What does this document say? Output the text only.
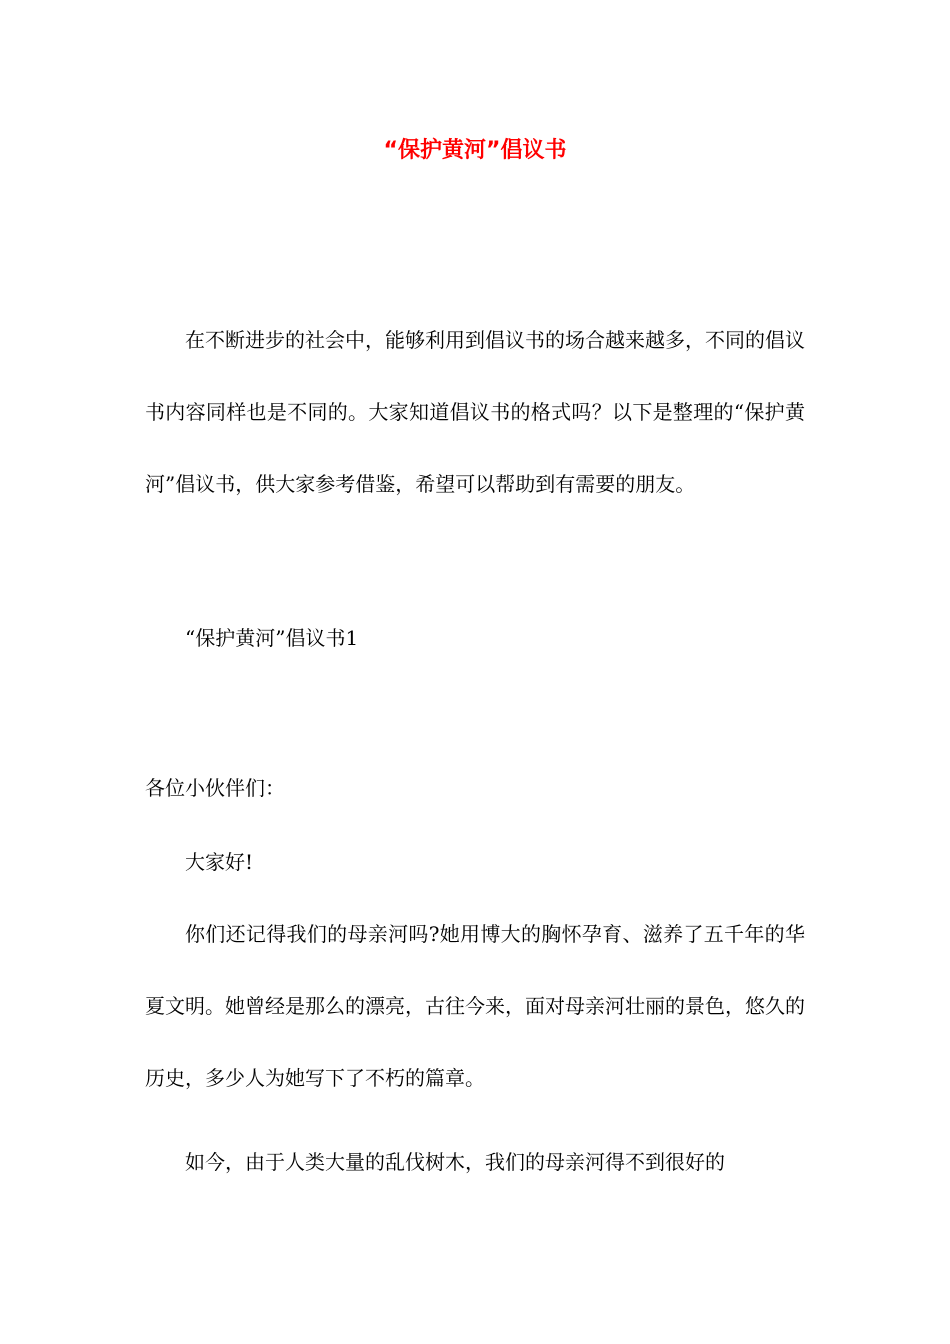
“保护黄河”倡议书

在不断进步的社会中，能够利用到倡议书的场合越来越多，不同的倡议书内容同样也是不同的。大家知道倡议书的格式吗？以下是整理的“保护黄河”倡议书，供大家参考借鉴，希望可以帮助到有需要的朋友。

“保护黄河”倡议书1

各位小伙伴们：

大家好!

你们还记得我们的母亲河吗?她用博大的胸怀孕育、滋养了五千年的华夏文明。她曾经是那么的漂亮，古往今来，面对母亲河壮丽的景色，悠久的历史，多少人为她写下了不朽的篇章。

如今，由于人类大量的乱伐树木，我们的母亲河得不到很好的
